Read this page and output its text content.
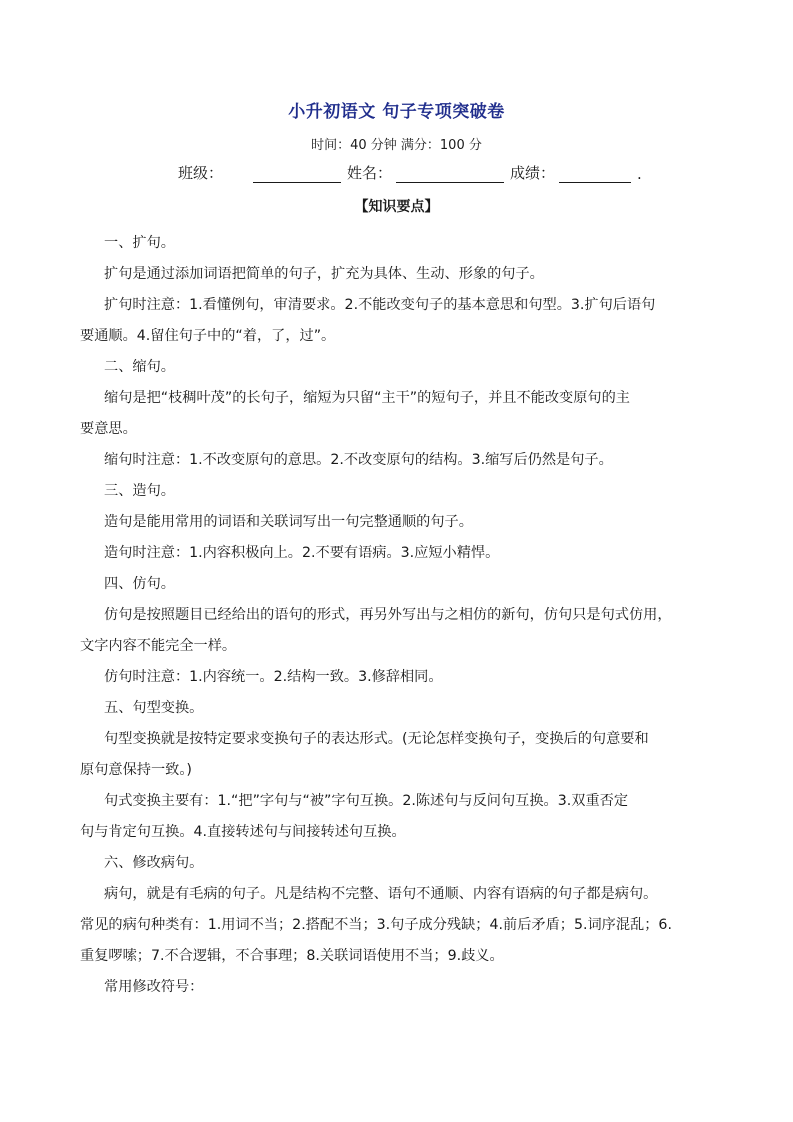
小升初语文 句子专项突破卷
时间：40 分钟 满分：100 分
班级：	姓名：	成绩：	.
【知识要点】
一、扩句。
扩句是通过添加词语把简单的句子，扩充为具体、生动、形象的句子。
扩句时注意：1.看懂例句，审清要求。2.不能改变句子的基本意思和句型。3.扩句后语句
要通顺。4.留住句子中的“着，了，过”。
二、缩句。
缩句是把“枝稠叶茂”的长句子，缩短为只留“主干”的短句子，并且不能改变原句的主
要意思。
缩句时注意：1.不改变原句的意思。2.不改变原句的结构。3.缩写后仍然是句子。
三、造句。
造句是能用常用的词语和关联词写出一句完整通顺的句子。
造句时注意：1.内容积极向上。2.不要有语病。3.应短小精悍。
四、仿句。
仿句是按照题目已经给出的语句的形式，再另外写出与之相仿的新句，仿句只是句式仿用，
文字内容不能完全一样。
仿句时注意：1.内容统一。2.结构一致。3.修辞相同。
五、句型变换。
句型变换就是按特定要求变换句子的表达形式。(无论怎样变换句子，变换后的句意要和
原句意保持一致。)
句式变换主要有：1.“把”字句与“被”字句互换。2.陈述句与反问句互换。3.双重否定
句与肯定句互换。4.直接转述句与间接转述句互换。
六、修改病句。
病句，就是有毛病的句子。凡是结构不完整、语句不通顺、内容有语病的句子都是病句。
常见的病句种类有：1.用词不当；2.搭配不当；3.句子成分残缺；4.前后矛盾；5.词序混乱；6.
重复啰嗦；7.不合逻辑，不合事理；8.关联词语使用不当；9.歧义。
常用修改符号：
